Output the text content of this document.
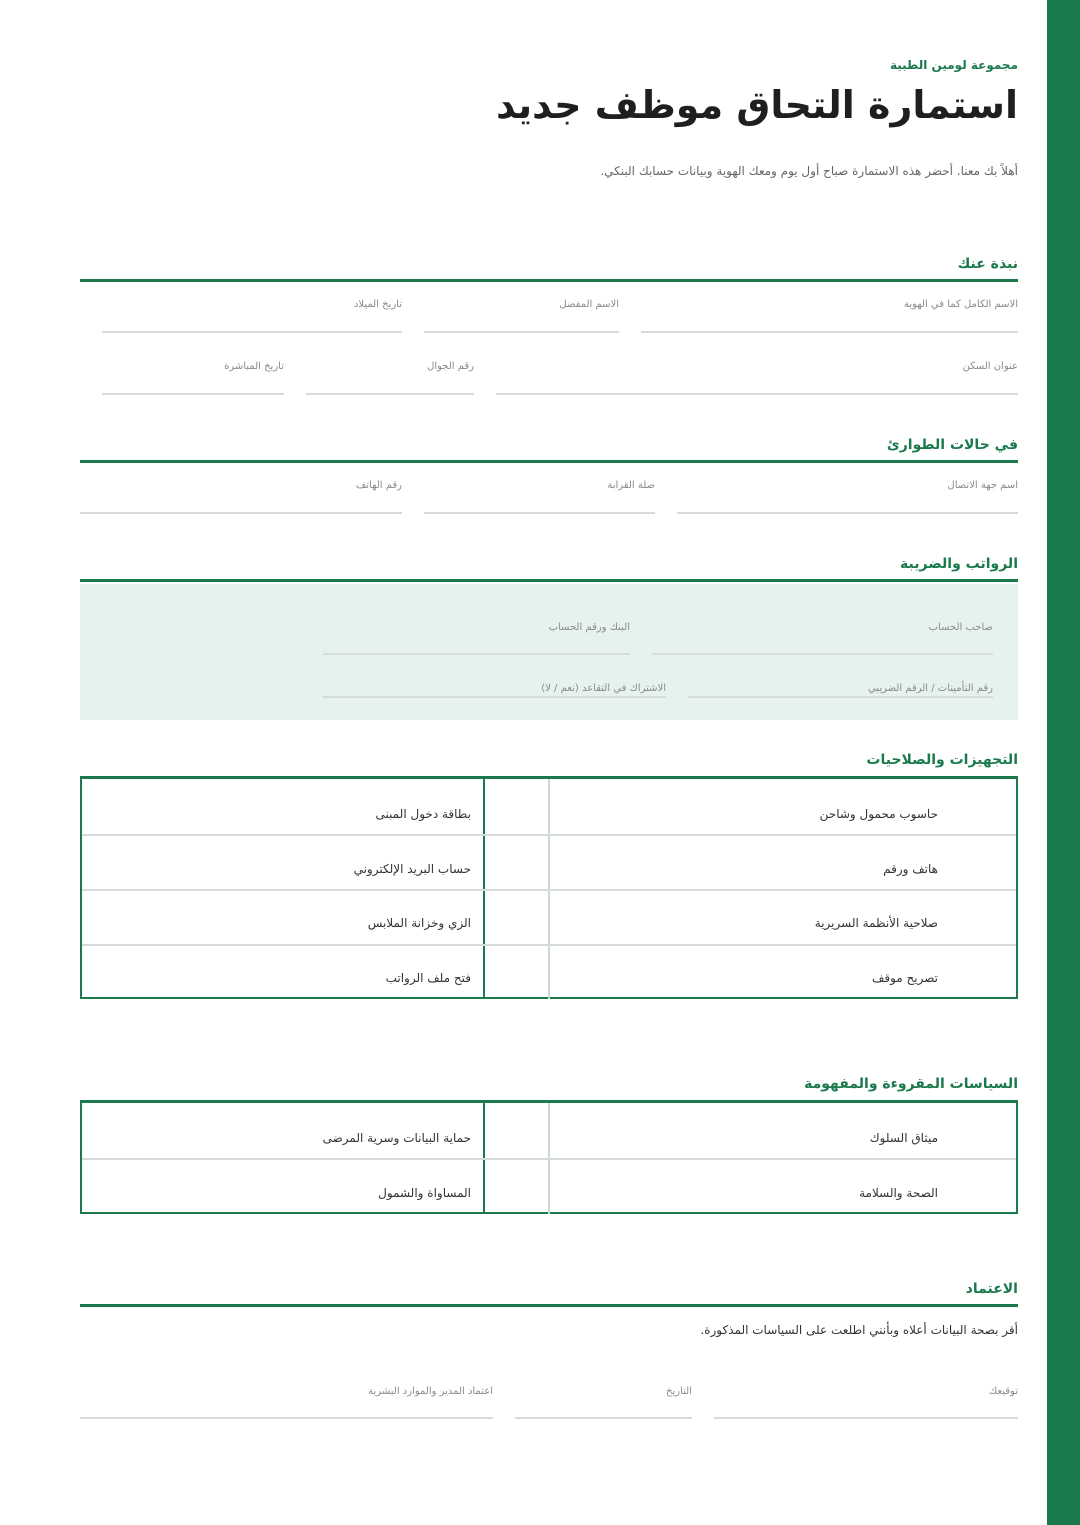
مجموعة لومين الطبية
استمارة التحاق موظف جديد
أهلاً بك معنا. أحضر هذه الاستمارة صباح أول يوم ومعك الهوية وبيانات حسابك البنكي.
نبذة عنك
الاسم الكامل كما في الهوية
الاسم المفضل
تاريخ الميلاد
عنوان السكن
رقم الجوال
تاريخ المباشرة
في حالات الطوارئ
اسم جهة الاتصال
صلة القرابة
رقم الهاتف
الرواتب والضريبة
صاحب الحساب
البنك ورقم الحساب
رقم التأمينات / الرقم الضريبي
الاشتراك في التقاعد (نعم / لا)
التجهيزات والصلاحيات
حاسوب محمول وشاحن
بطاقة دخول المبنى
هاتف ورقم
حساب البريد الإلكتروني
صلاحية الأنظمة السريرية
الزي وخزانة الملابس
تصريح موقف
فتح ملف الرواتب
السياسات المقروءة والمفهومة
ميثاق السلوك
حماية البيانات وسرية المرضى
الصحة والسلامة
المساواة والشمول
الاعتماد
أقر بصحة البيانات أعلاه وبأنني اطلعت على السياسات المذكورة.
توقيعك
التاريخ
اعتماد المدير والموارد البشرية
